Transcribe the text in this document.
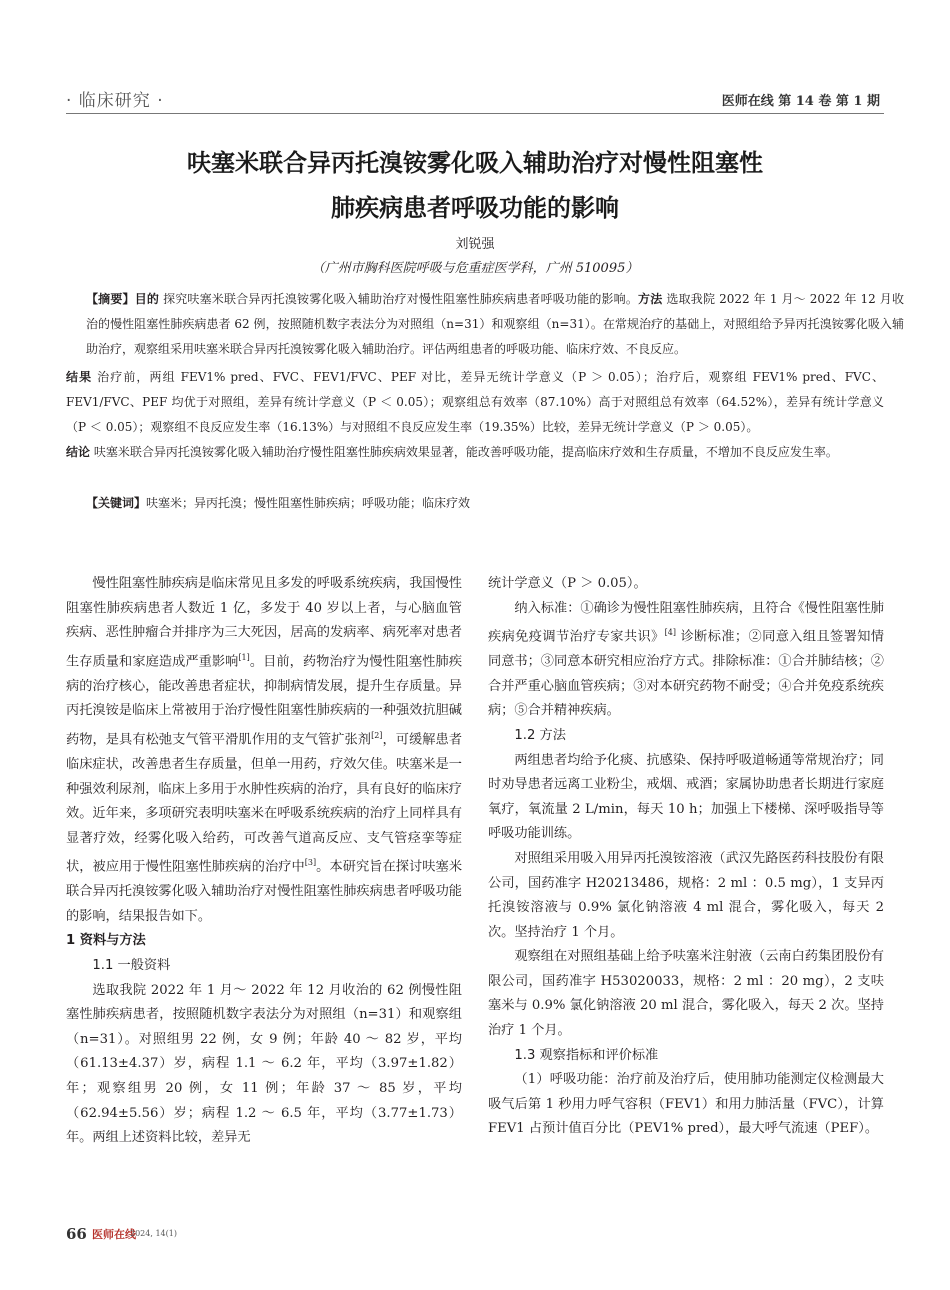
· 临床研究 ·	医师在线 第 14 卷 第 1 期
呋塞米联合异丙托溴铵雾化吸入辅助治疗对慢性阻塞性
肺疾病患者呼吸功能的影响
刘锐强
（广州市胸科医院呼吸与危重症医学科，广州 510095）
【摘要】目的 探究呋塞米联合异丙托溴铵雾化吸入辅助治疗对慢性阻塞性肺疾病患者呼吸功能的影响。方法 选取我院 2022 年 1 月～ 2022 年 12 月收治的慢性阻塞性肺疾病患者 62 例，按照随机数字表法分为对照组（n=31）和观察组（n=31）。在常规治疗的基础上，对照组给予异丙托溴铵雾化吸入辅助治疗，观察组采用呋塞米联合异丙托溴铵雾化吸入辅助治疗。评估两组患者的呼吸功能、临床疗效、不良反应。
结果 治疗前，两组 FEV1% pred、FVC、FEV1/FVC、PEF 对比，差异无统计学意义（P ＞ 0.05）；治疗后，观察组 FEV1% pred、FVC、FEV1/FVC、PEF 均优于对照组，差异有统计学意义（P ＜ 0.05）；观察组总有效率（87.10%）高于对照组总有效率（64.52%），差异有统计学意义（P ＜ 0.05）；观察组不良反应发生率（16.13%）与对照组不良反应发生率（19.35%）比较，差异无统计学意义（P ＞ 0.05）。
结论 呋塞米联合异丙托溴铵雾化吸入辅助治疗慢性阻塞性肺疾病效果显著，能改善呼吸功能，提高临床疗效和生存质量，不增加不良反应发生率。
【关键词】呋塞米；异丙托溴；慢性阻塞性肺疾病；呼吸功能；临床疗效

慢性阻塞性肺疾病是临床常见且多发的呼吸系统疾病，我国慢性阻塞性肺疾病患者人数近 1 亿，多发于 40 岁以上者，与心脑血管疾病、恶性肿瘤合并排序为三大死因，居高的发病率、病死率对患者生存质量和家庭造成严重影响[1]。目前，药物治疗为慢性阻塞性肺疾病的治疗核心，能改善患者症状，抑制病情发展，提升生存质量。异丙托溴铵是临床上常被用于治疗慢性阻塞性肺疾病的一种强效抗胆碱药物，是具有松弛支气管平滑肌作用的支气管扩张剂[2]，可缓解患者临床症状，改善患者生存质量，但单一用药，疗效欠佳。呋塞米是一种强效利尿剂，临床上多用于水肿性疾病的治疗，具有良好的临床疗效。近年来，多项研究表明呋塞米在呼吸系统疾病的治疗上同样具有显著疗效，经雾化吸入给药，可改善气道高反应、支气管痉挛等症状，被应用于慢性阻塞性肺疾病的治疗中[3]。本研究旨在探讨呋塞米联合异丙托溴铵雾化吸入辅助治疗对慢性阻塞性肺疾病患者呼吸功能的影响，结果报告如下。

1 资料与方法
1.1 一般资料

选取我院 2022 年 1 月～ 2022 年 12 月收治的 62 例慢性阻塞性肺疾病患者，按照随机数字表法分为对照组（n=31）和观察组（n=31）。对照组男 22 例，女 9 例；年龄 40 ～ 82 岁，平均（61.13±4.37）岁，病程 1.1 ～ 6.2 年，平均（3.97±1.82）年；观察组男 20 例，女 11 例；年龄 37 ～ 85 岁，平均（62.94±5.56）岁；病程 1.2 ～ 6.5 年，平均（3.77±1.73）年。两组上述资料比较，差异无

统计学意义（P ＞ 0.05）。

纳入标准：①确诊为慢性阻塞性肺疾病，且符合《慢性阻塞性肺疾病免疫调节治疗专家共识》[4] 诊断标准；②同意入组且签署知情同意书；③同意本研究相应治疗方式。排除标准：①合并肺结核；②合并严重心脑血管疾病；③对本研究药物不耐受；④合并免疫系统疾病；⑤合并精神疾病。

1.2 方法

两组患者均给予化痰、抗感染、保持呼吸道畅通等常规治疗；同时劝导患者远离工业粉尘，戒烟、戒酒；家属协助患者长期进行家庭氧疗，氧流量 2 L/min，每天 10 h；加强上下楼梯、深呼吸指导等呼吸功能训练。

对照组采用吸入用异丙托溴铵溶液（武汉先路医药科技股份有限公司，国药准字 H20213486，规格：2 ml ：0.5 mg），1 支异丙托溴铵溶液与 0.9% 氯化钠溶液 4 ml 混合，雾化吸入，每天 2 次。坚持治疗 1 个月。

观察组在对照组基础上给予呋塞米注射液（云南白药集团股份有限公司，国药准字 H53020033，规格：2 ml ：20 mg），2 支呋塞米与 0.9% 氯化钠溶液 20 ml 混合，雾化吸入，每天 2 次。坚持治疗 1 个月。

1.3 观察指标和评价标准

（1）呼吸功能：治疗前及治疗后，使用肺功能测定仪检测最大吸气后第 1 秒用力呼气容积（FEV1）和用力肺活量（FVC），计算 FEV1 占预计值百分比（PEV1% pred），最大呼气流速（PEF）。

66 医师在线
2024, 14(1)
